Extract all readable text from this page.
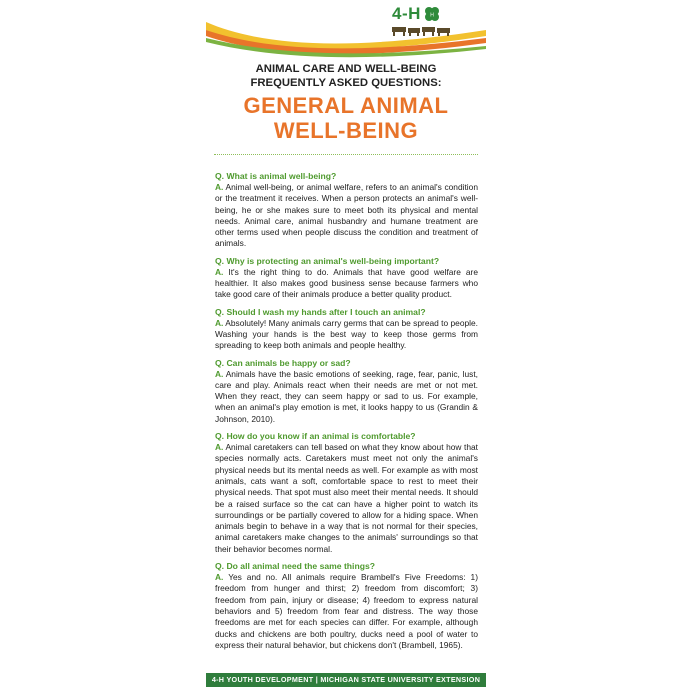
4-H H
ANIMAL CARE AND WELL-BEING
FREQUENTLY ASKED QUESTIONS:
GENERAL ANIMAL
WELL-BEING

Q. What is animal well-being?

A. Animal well-being, or animal welfare, refers to an animal's condition or the treatment it receives. When a person protects an animal's well-being, he or she makes sure to meet both its physical and mental needs. Animal care, animal husbandry and humane treatment are other terms used when people discuss the condition and treatment of animals.

Q. Why is protecting an animal's well-being important?

A. It's the right thing to do. Animals that have good welfare are healthier. It also makes good business sense because farmers who take good care of their animals produce a better quality product.

Q. Should I wash my hands after I touch an animal?

A. Absolutely! Many animals carry germs that can be spread to people. Washing your hands is the best way to keep those germs from spreading to keep both animals and people healthy.

Q. Can animals be happy or sad?

A. Animals have the basic emotions of seeking, rage, fear, panic, lust, care and play. Animals react when their needs are met or not met. When they react, they can seem happy or sad to us. For example, when an animal's play emotion is met, it looks happy to us (Grandin & Johnson, 2010).

Q. How do you know if an animal is comfortable?

A. Animal caretakers can tell based on what they know about how that species normally acts. Caretakers must meet not only the animal's physical needs but its mental needs as well. For example as with most animals, cats want a soft, comfortable space to rest to meet their physical needs. That spot must also meet their mental needs. It should be a raised surface so the cat can have a higher point to watch its surroundings or be partially covered to allow for a hiding space. When animals begin to behave in a way that is not normal for their species, animal caretakers make changes to the animals' surroundings so that their behavior becomes normal.

Q. Do all animal need the same things?

A. Yes and no. All animals require Brambell's Five Freedoms: 1) freedom from hunger and thirst; 2) freedom from discomfort; 3) freedom from pain, injury or disease; 4) freedom to express natural behaviors and 5) freedom from fear and distress. The way those freedoms are met for each species can differ. For example, although ducks and chickens are both poultry, ducks need a pool of water to express their natural behavior, but chickens don't (Brambell, 1965).

4-H YOUTH DEVELOPMENT | MICHIGAN STATE UNIVERSITY EXTENSION
